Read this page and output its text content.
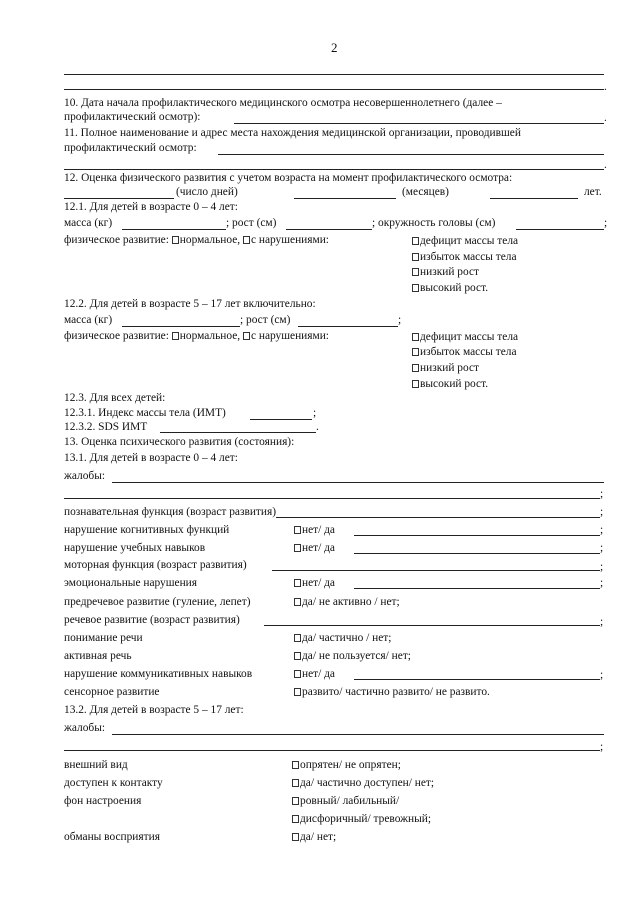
2
.
10. Дата начала профилактического медицинского осмотра несовершеннолетнего (далее –
профилактический осмотр):	.
11. Полное наименование и адрес места нахождения медицинской организации, проводившей
профилактический осмотр:
.
12. Оценка физического развития с учетом возраста на момент профилактического осмотра:
(число дней)	(месяцев)	лет.
12.1. Для детей в возрасте 0 – 4 лет:
масса (кг)	; рост (см)	; окружность головы (см)	;
физическое развитие: нормальное, с нарушениями:	дефицит массы тела
избыток массы тела
низкий рост
высокий рост.
12.2. Для детей в возрасте 5 – 17 лет включительно:
масса (кг)	; рост (см)	;
физическое развитие: нормальное, с нарушениями:	дефицит массы тела
избыток массы тела
низкий рост
высокий рост.
12.3. Для всех детей:
12.3.1. Индекс массы тела (ИМТ)	;
12.3.2. SDS ИМТ	.
13. Оценка психического развития (состояния):
13.1. Для детей в возрасте 0 – 4 лет:
жалобы:
;
познавательная функция (возраст развития)	;
нарушение когнитивных функций	нет/ да	;
нарушение учебных навыков	нет/ да	;
моторная функция (возраст развития)	;
эмоциональные нарушения	нет/ да	;
предречевое развитие (гуление, лепет)	да/ не активно / нет;
речевое развитие (возраст развития)	;
понимание речи	да/ частично / нет;
активная речь	да/ не пользуется/ нет;
нарушение коммуникативных навыков	нет/ да	;
сенсорное развитие	развито/ частично развито/ не развито.
13.2. Для детей в возрасте 5 – 17 лет:
жалобы:
;
внешний вид	опрятен/ не опрятен;
доступен к контакту	да/ частично доступен/ нет;
фон настроения	ровный/ лабильный/
дисфоричный/ тревожный;
обманы восприятия	да/ нет;
